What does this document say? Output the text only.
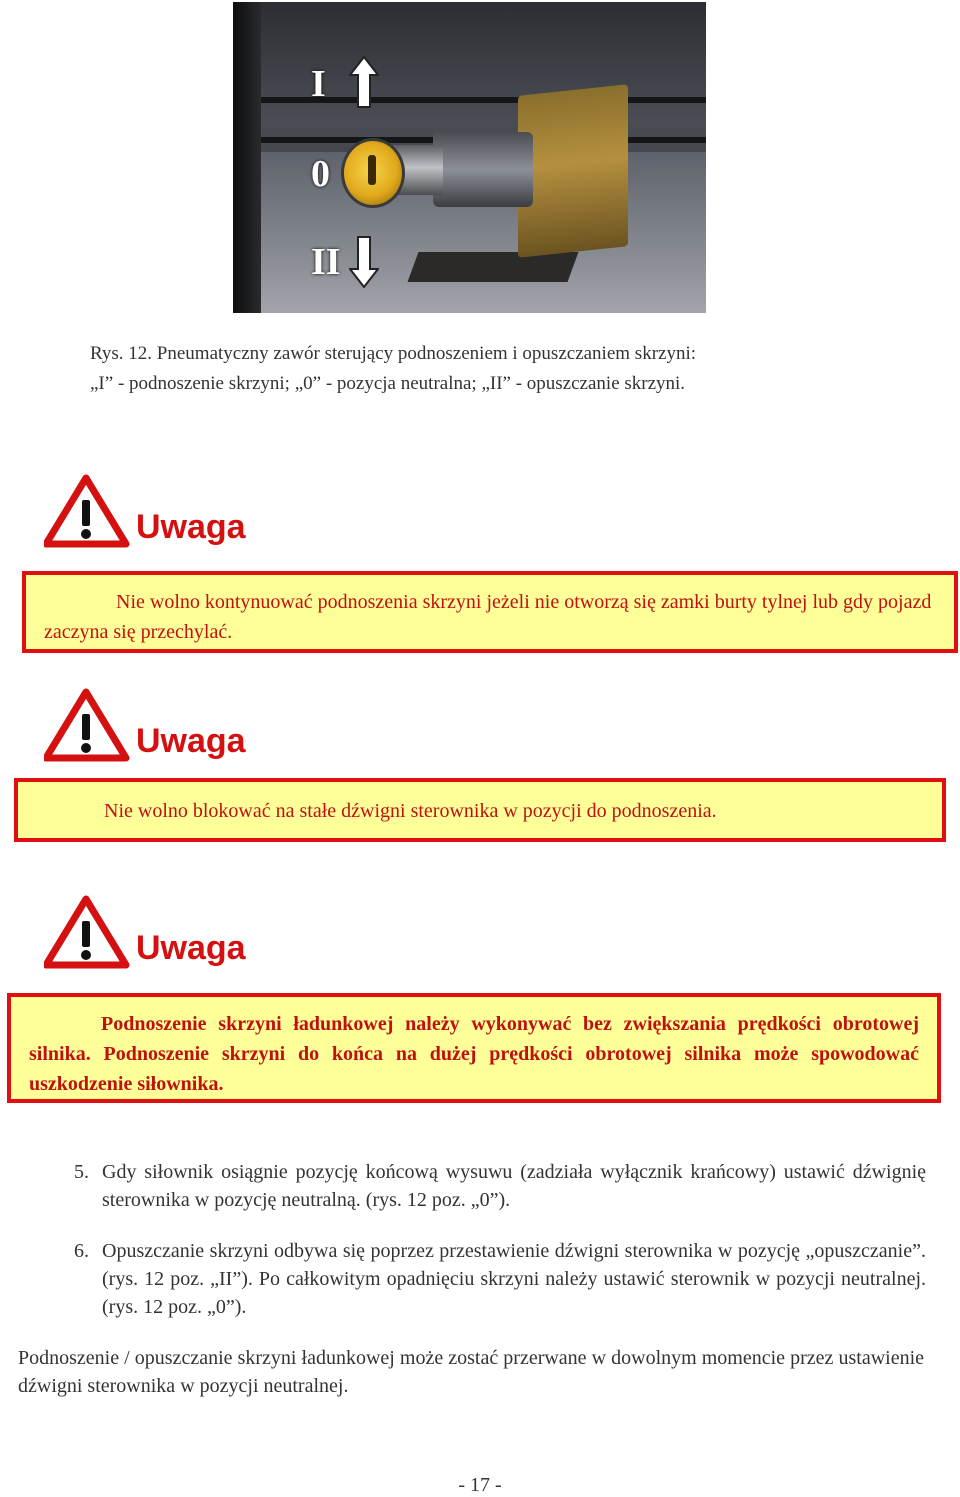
I
0
II
Rys. 12. Pneumatyczny zawór sterujący podnoszeniem i opuszczaniem skrzyni:
„I” - podnoszenie skrzyni; „0” - pozycja neutralna; „II” - opuszczanie skrzyni.
Uwaga

Nie wolno kontynuować podnoszenia skrzyni jeżeli nie otworzą się zamki burty tylnej lub gdy pojazd zaczyna się przechylać.

Uwaga

Nie wolno blokować na stałe dźwigni sterownika w pozycji do podnoszenia.

Uwaga

Podnoszenie skrzyni ładunkowej należy wykonywać bez zwiększania prędkości obrotowej silnika. Podnoszenie skrzyni do końca na dużej prędkości obrotowej silnika może spowodować uszkodzenie siłownika.

5. Gdy siłownik osiągnie pozycję końcową wysuwu (zadziała wyłącznik krańcowy) ustawić dźwignię sterownika w pozycję neutralną. (rys. 12 poz. „0”).
6. Opuszczanie skrzyni odbywa się poprzez przestawienie dźwigni sterownika w pozycję „opuszczanie”. (rys. 12 poz. „II”). Po całkowitym opadnięciu skrzyni należy ustawić sterownik w pozycji neutralnej. (rys. 12 poz. „0”).
Podnoszenie / opuszczanie skrzyni ładunkowej może zostać przerwane w dowolnym momencie przez ustawienie dźwigni sterownika w pozycji neutralnej.
- 17 -
